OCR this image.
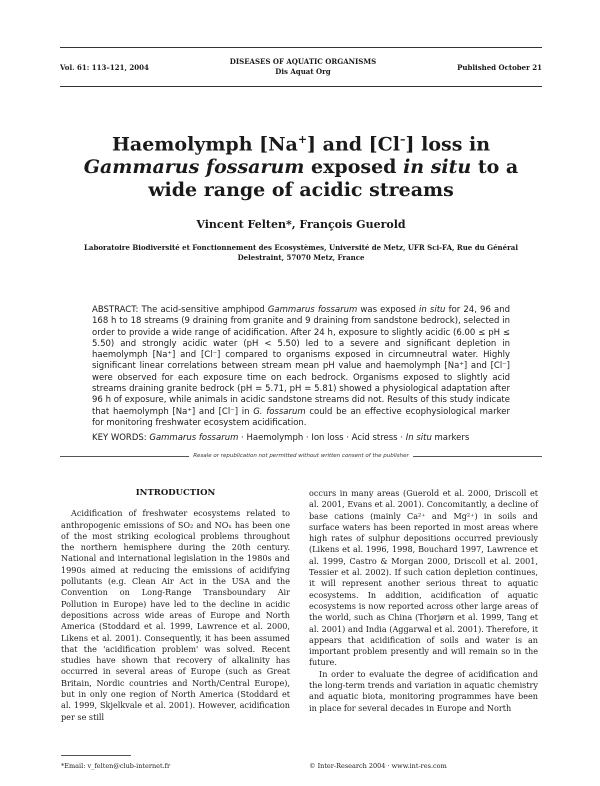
Vol. 61: 113–121, 2004
DISEASES OF AQUATIC ORGANISMS
Dis Aquat Org	Published October 21
Haemolymph [Na+] and [Cl–] loss in Gammarus fossarum exposed in situ to a wide range of acidic streams
Vincent Felten*, François Guerold
Laboratoire Biodiversité et Fonctionnement des Ecosystèmes, Université de Metz, UFR Sci-FA, Rue du Général Delestraint, 57070 Metz, France
ABSTRACT: The acid-sensitive amphipod Gammarus fossarum was exposed in situ for 24, 96 and 168 h to 18 streams (9 draining from granite and 9 draining from sandstone bedrock), selected in order to provide a wide range of acidification. After 24 h, exposure to slightly acidic (6.00 ≤ pH ≤ 5.50) and strongly acidic water (pH < 5.50) led to a severe and significant depletion in haemolymph [Na⁺] and [Cl⁻] compared to organisms exposed in circumneutral water. Highly significant linear correlations between stream mean pH value and haemolymph [Na⁺] and [Cl⁻] were observed for each exposure time on each bedrock. Organisms exposed to slightly acid streams draining granite bedrock (pH = 5.71, pH = 5.81) showed a physiological adaptation after 96 h of exposure, while animals in acidic sandstone streams did not. Results of this study indicate that haemolymph [Na⁺] and [Cl⁻] in G. fossarum could be an effective ecophysiological marker for monitoring freshwater ecosystem acidification.
KEY WORDS: Gammarus fossarum · Haemolymph · Ion loss · Acid stress · In situ markers
Resale or republication not permitted without written consent of the publisher
INTRODUCTION

Acidification of freshwater ecosystems related to anthropogenic emissions of SO₂ and NOₓ has been one of the most striking ecological problems throughout the northern hemisphere during the 20th century. National and international legislation in the 1980s and 1990s aimed at reducing the emissions of acidifying pollutants (e.g. Clean Air Act in the USA and the Convention on Long-Range Transboundary Air Pollution in Europe) have led to the decline in acidic depositions across wide areas of Europe and North America (Stoddard et al. 1999, Lawrence et al. 2000, Likens et al. 2001). Consequently, it has been assumed that the 'acidification problem' was solved. Recent studies have shown that recovery of alkalinity has occurred in several areas of Europe (such as Great Britain, Nordic countries and North/Central Europe), but in only one region of North America (Stoddard et al. 1999, Skjelkvale et al. 2001). However, acidification per se still

occurs in many areas (Guerold et al. 2000, Driscoll et al. 2001, Evans et al. 2001). Concomitantly, a decline of base cations (mainly Ca²⁺ and Mg²⁺) in soils and surface waters has been reported in most areas where high rates of sulphur depositions occurred previously (Likens et al. 1996, 1998, Bouchard 1997, Lawrence et al. 1999, Castro & Morgan 2000, Driscoll et al. 2001, Tessier et al. 2002). If such cation depletion continues, it will represent another serious threat to aquatic ecosystems. In addition, acidification of aquatic ecosystems is now reported across other large areas of the world, such as China (Thorjørn et al. 1999, Tang et al. 2001) and India (Aggarwal et al. 2001). Therefore, it appears that acidification of soils and water is an important problem presently and will remain so in the future.

In order to evaluate the degree of acidification and the long-term trends and variation in aquatic chemistry and aquatic biota, monitoring programmes have been in place for several decades in Europe and North

*Email: v_felten@club-internet.fr	© Inter-Research 2004 · www.int-res.com
